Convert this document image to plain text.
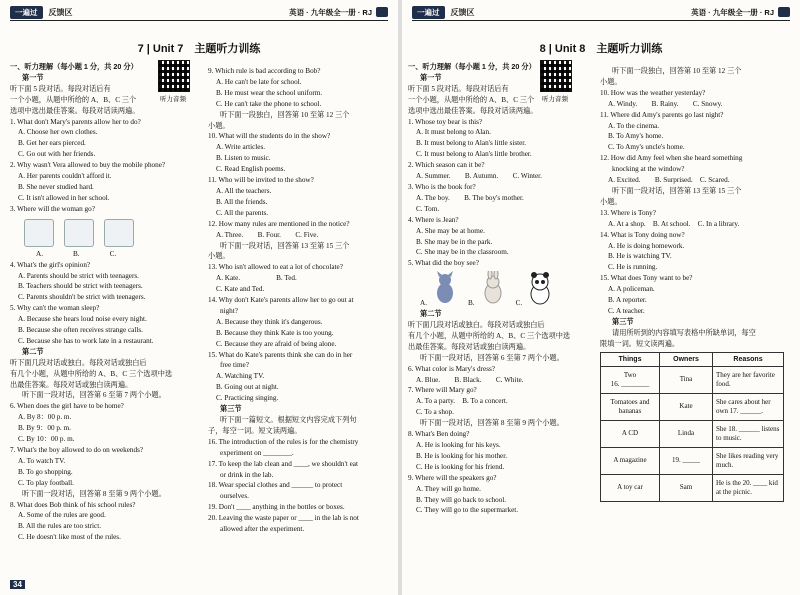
一遍过	反馈区	英语 · 九年级全一册 · RJ
7 | Unit 7　主题听力训练
听力音频

一、听力理解（每小题 1 分，共 20 分）

第一节

听下面 5 段对话。每段对话后有

一个小题，从题中所给的 A、B、C 三个

选项中选出最佳答案。每段对话读两遍。

1. What don't Mary's parents allow her to do?

A. Choose her own clothes.

B. Get her ears pierced.

C. Go out with her friends.

2. Why wasn't Vera allowed to buy the mobile phone?

A. Her parents couldn't afford it.

B. She never studied hard.

C. It isn't allowed in her school.

3. Where will the woman go?

A.	B.	C.

4. What's the girl's opinion?

A. Parents should be strict with teenagers.

B. Teachers should be strict with teenagers.

C. Parents shouldn't be strict with teenagers.

5. Why can't the woman sleep?

A. Because she hears loud noise every night.

B. Because she often receives strange calls.

C. Because she has to work late in a restaurant.

第二节

听下面几段对话或独白。每段对话或独白后

有几个小题，从题中所给的 A、B、C 三个选项中选

出最佳答案。每段对话或独白读两遍。

听下面一段对话，回答第 6 至第 7 两个小题。

6. When does the girl have to be home?

A. By 8：00 p. m.

B. By 9：00 p. m.

C. By 10：00 p. m.

7. What's the boy allowed to do on weekends?

A. To watch TV.

B. To go shopping.

C. To play football.

听下面一段对话，回答第 8 至第 9 两个小题。

8. What does Bob think of his school rules?

A. Some of the rules are good.

B. All the rules are too strict.

C. He doesn't like most of the rules.

9. Which rule is bad according to Bob?

A. He can't be late for school.

B. He must wear the school uniform.

C. He can't take the phone to school.

听下面一段独白，回答第 10 至第 12 三个

小题。

10. What will the students do in the show?

A. Write articles.

B. Listen to music.

C. Read English poems.

11. Who will be invited to the show?

A. All the teachers.

B. All the friends.

C. All the parents.

12. How many rules are mentioned in the notice?

A. Three.　　B. Four.　　C. Five.

听下面一段对话，回答第 13 至第 15 三个

小题。

13. Who isn't allowed to eat a lot of chocolate?

A. Kate.　　　　　B. Ted.

C. Kate and Ted.

14. Why don't Kate's parents allow her to go out at

night?

A. Because they think it's dangerous.

B. Because they think Kate is too young.

C. Because they are afraid of being alone.

15. What do Kate's parents think she can do in her

free time?

A. Watching TV.

B. Going out at night.

C. Practicing singing.

第三节

听下面一篇短文。根据短文内容完成下列句

子，每空一词。短文读两遍。

16. The introduction of the rules is for the chemistry

experiment on ________.

17. To keep the lab clean and ____, we shouldn't eat

or drink in the lab.

18. Wear special clothes and ______ to protect

ourselves.

19. Don't ____ anything in the bottles or boxes.

20. Leaving the waste paper or ____ in the lab is not

allowed after the experiment.

34
一遍过	反馈区	英语 · 九年级全一册 · RJ
8 | Unit 8　主题听力训练
听力音频

一、听力理解（每小题 1 分，共 20 分）

第一节

听下面 5 段对话。每段对话后有

一个小题，从题中所给的 A、B、C 三个

选项中选出最佳答案。每段对话读两遍。

1. Whose toy bear is this?

A. It must belong to Alan.

B. It must belong to Alan's little sister.

C. It must belong to Alan's little brother.

2. Which season can it be?

A. Summer.　　B. Autumn.　　C. Winter.

3. Who is the book for?

A. The boy.　　B. The boy's mother.

C. Tom.

4. Where is Jean?

A. She may be at home.

B. She may be in the park.

C. She may be in the classroom.

5. What did the boy see?

A.	B.	C.

第二节

听下面几段对话或独白。每段对话或独白后

有几个小题，从题中所给的 A、B、C 三个选项中选

出最佳答案。每段对话或独白读两遍。

听下面一段对话，回答第 6 至第 7 两个小题。

6. What color is Mary's dress?

A. Blue.　　B. Black.　　C. White.

7. Where will Mary go?

A. To a party.　B. To a concert.

C. To a shop.

听下面一段对话，回答第 8 至第 9 两个小题。

8. What's Ben doing?

A. He is looking for his keys.

B. He is looking for his mother.

C. He is looking for his friend.

9. Where will the speakers go?

A. They will go home.

B. They will go back to school.

C. They will go to the supermarket.

听下面一段独白，回答第 10 至第 12 三个

小题。

10. How was the weather yesterday?

A. Windy.　　B. Rainy.　　C. Snowy.

11. Where did Amy's parents go last night?

A. To the cinema.

B. To Amy's home.

C. To Amy's uncle's home.

12. How did Amy feel when she heard something

knocking at the window?

A. Excited.　　B. Surprised.　C. Scared.

听下面一段对话，回答第 13 至第 15 三个

小题。

13. Where is Tony?

A. At a shop.　B. At school.　C. In a library.

14. What is Tony doing now?

A. He is doing homework.

B. He is watching TV.

C. He is running.

15. What does Tony want to be?

A. A policeman.

B. A reporter.

C. A teacher.

第三节

请用所听到的内容填写表格中所缺单词，每空

限填一词。短文读两遍。

Things	Owners	Reasons
Two
16. ________	Tina	They are her favorite food.
Tomatoes and bananas	Kate	She cares about her own 17. ______.
A CD	Linda	She 18. ______ listens to music.
A magazine	19. _____	She likes reading very much.
A toy car	Sam	He is the 20. ____ kid at the picnic.
